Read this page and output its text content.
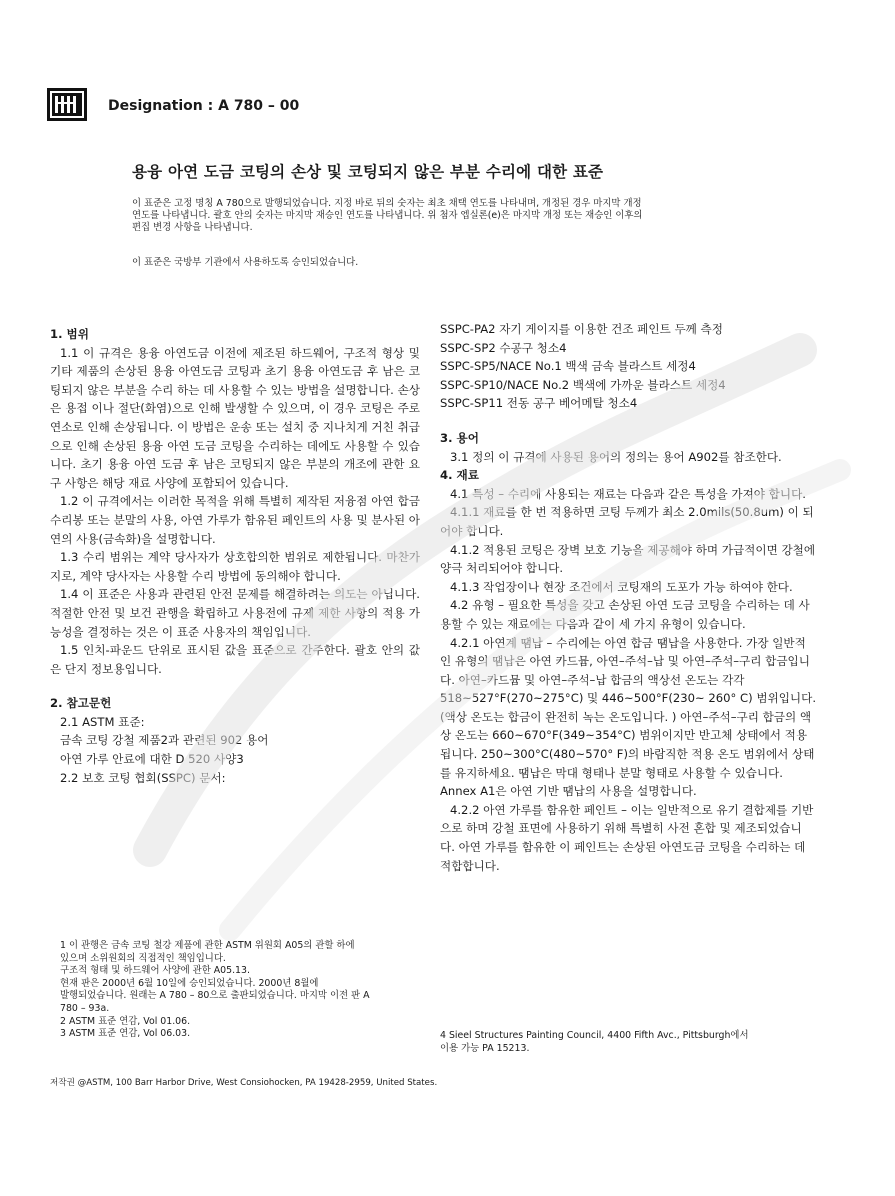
Designation : A 780 – 00
용융 아연 도금 코팅의 손상 및 코팅되지 않은 부분 수리에 대한 표준
이 표준은 고정 명칭 A 780으로 발행되었습니다. 지정 바로 뒤의 숫자는 최초 채택 연도를 나타내며, 개정된 경우 마지막 개정
연도를 나타냅니다. 괄호 안의 숫자는 마지막 재승인 연도를 나타냅니다. 위 첨자 엡실론(e)은 마지막 개정 또는 재승인 이후의
편집 변경 사항을 나타냅니다.
이 표준은 국방부 기관에서 사용하도록 승인되었습니다.

1. 범위

1.1 이 규격은 용융 아연도금 이전에 제조된 하드웨어, 구조적 형상 및 기타 제품의 손상된 용융 아연도금 코팅과 초기 용융 아연도금 후 남은 코팅되지 않은 부분을 수리 하는 데 사용할 수 있는 방법을 설명합니다. 손상은 용접 이나 절단(화염)으로 인해 발생할 수 있으며, 이 경우 코팅은 주로 연소로 인해 손상됩니다. 이 방법은 운송 또는 설치 중 지나치게 거친 취급으로 인해 손상된 용융 아연 도금 코팅을 수리하는 데에도 사용할 수 있습니다. 초기 용융 아연 도금 후 남은 코팅되지 않은 부분의 개조에 관한 요구 사항은 해당 재료 사양에 포함되어 있습니다.

1.2 이 규격에서는 이러한 목적을 위해 특별히 제작된 저융점 아연 합금 수리봉 또는 분말의 사용, 아연 가루가 함유된 페인트의 사용 및 분사된 아연의 사용(금속화)을 설명합니다.

1.3 수리 범위는 계약 당사자가 상호합의한 범위로 제한됩니다. 마찬가지로, 계약 당사자는 사용할 수리 방법에 동의해야 합니다.

1.4 이 표준은 사용과 관련된 안전 문제를 해결하려는 의도는 아닙니다. 적절한 안전 및 보건 관행을 확립하고 사용전에 규제 제한 사항의 적용 가능성을 결정하는 것은 이 표준 사용자의 책임입니다.

1.5 인치-파운드 단위로 표시된 값을 표준으로 간주한다. 괄호 안의 값은 단지 정보용입니다.

2. 참고문헌

2.1 ASTM 표준:

금속 코팅 강철 제품2과 관련된 902 용어

아연 가루 안료에 대한 D 520 사양3

2.2 보호 코팅 협회(SSPC) 문서:

SSPC-PA2 자기 게이지를 이용한 건조 페인트 두께 측정

SSPC-SP2 수공구 청소4

SSPC-SP5/NACE No.1 백색 금속 블라스트 세정4

SSPC-SP10/NACE No.2 백색에 가까운 블라스트 세정4

SSPC-SP11 전동 공구 베어메탈 청소4

3. 용어

3.1 정의 이 규격에 사용된 용어의 정의는 용어 A902를 참조한다.

4. 재료

4.1 특성 – 수리에 사용되는 재료는 다음과 같은 특성을 가져야 합니다.

4.1.1 재료를 한 번 적용하면 코팅 두께가 최소 2.0mils(50.8um) 이 되어야 합니다.

4.1.2 적용된 코팅은 장벽 보호 기능을 제공해야 하며 가급적이면 강철에 양극 처리되어야 합니다.

4.1.3 작업장이나 현장 조건에서 코팅재의 도포가 가능 하여야 한다.

4.2 유형 – 필요한 특성을 갖고 손상된 아연 도금 코팅을 수리하는 데 사용할 수 있는 재료에는 다음과 같이 세 가지 유형이 있습니다.

4.2.1 아연계 땜납 – 수리에는 아연 합금 땜납을 사용한다. 가장 일반적인 유형의 땜납은 아연 카드뮴, 아연–주석–납 및 아연–주석–구리 합금입니다. 아연–카드뮴 및 아연–주석–납 합금의 액상선 온도는 각각 518~527°F(270~275°C) 및 446~500°F(230~ 260° C) 범위입니다. (액상 온도는 합금이 완전히 녹는 온도입니다. ) 아연–주석–구리 합금의 액상 온도는 660~670°F(349~354°C) 범위이지만 반고체 상태에서 적용됩니다. 250~300°C(480~570° F)의 바람직한 적용 온도 범위에서 상태를 유지하세요. 땜납은 막대 형태나 분말 형태로 사용할 수 있습니다. Annex A1은 아연 기반 땜납의 사용을 설명합니다.

4.2.2 아연 가루를 함유한 페인트 – 이는 일반적으로 유기 결합제를 기반으로 하며 강철 표면에 사용하기 위해 특별히 사전 혼합 및 제조되었습니다. 아연 가루를 함유한 이 페인트는 손상된 아연도금 코팅을 수리하는 데 적합합니다.

1 이 관행은 금속 코팅 철강 제품에 관한 ASTM 위원회 A05의 관할 하에

있으며 소위원회의 직접적인 책임입니다.

구조적 형태 및 하드웨어 사양에 관한 A05.13.

현재 판은 2000년 6월 10일에 승인되었습니다. 2000년 8월에

발행되었습니다. 원래는 A 780 – 80으로 출판되었습니다. 마지막 이전 판 A

780 – 93a.

2 ASTM 표준 연감, Vol 01.06.

3 ASTM 표준 연감, Vol 06.03.	4 Sieel Structures Painting Council, 4400 Fifth Avc., Pittsburgh에서

이용 가능 PA 15213.

저작권 @ASTM, 100 Barr Harbor Drive, West Consiohocken, PA 19428-2959, United States.
